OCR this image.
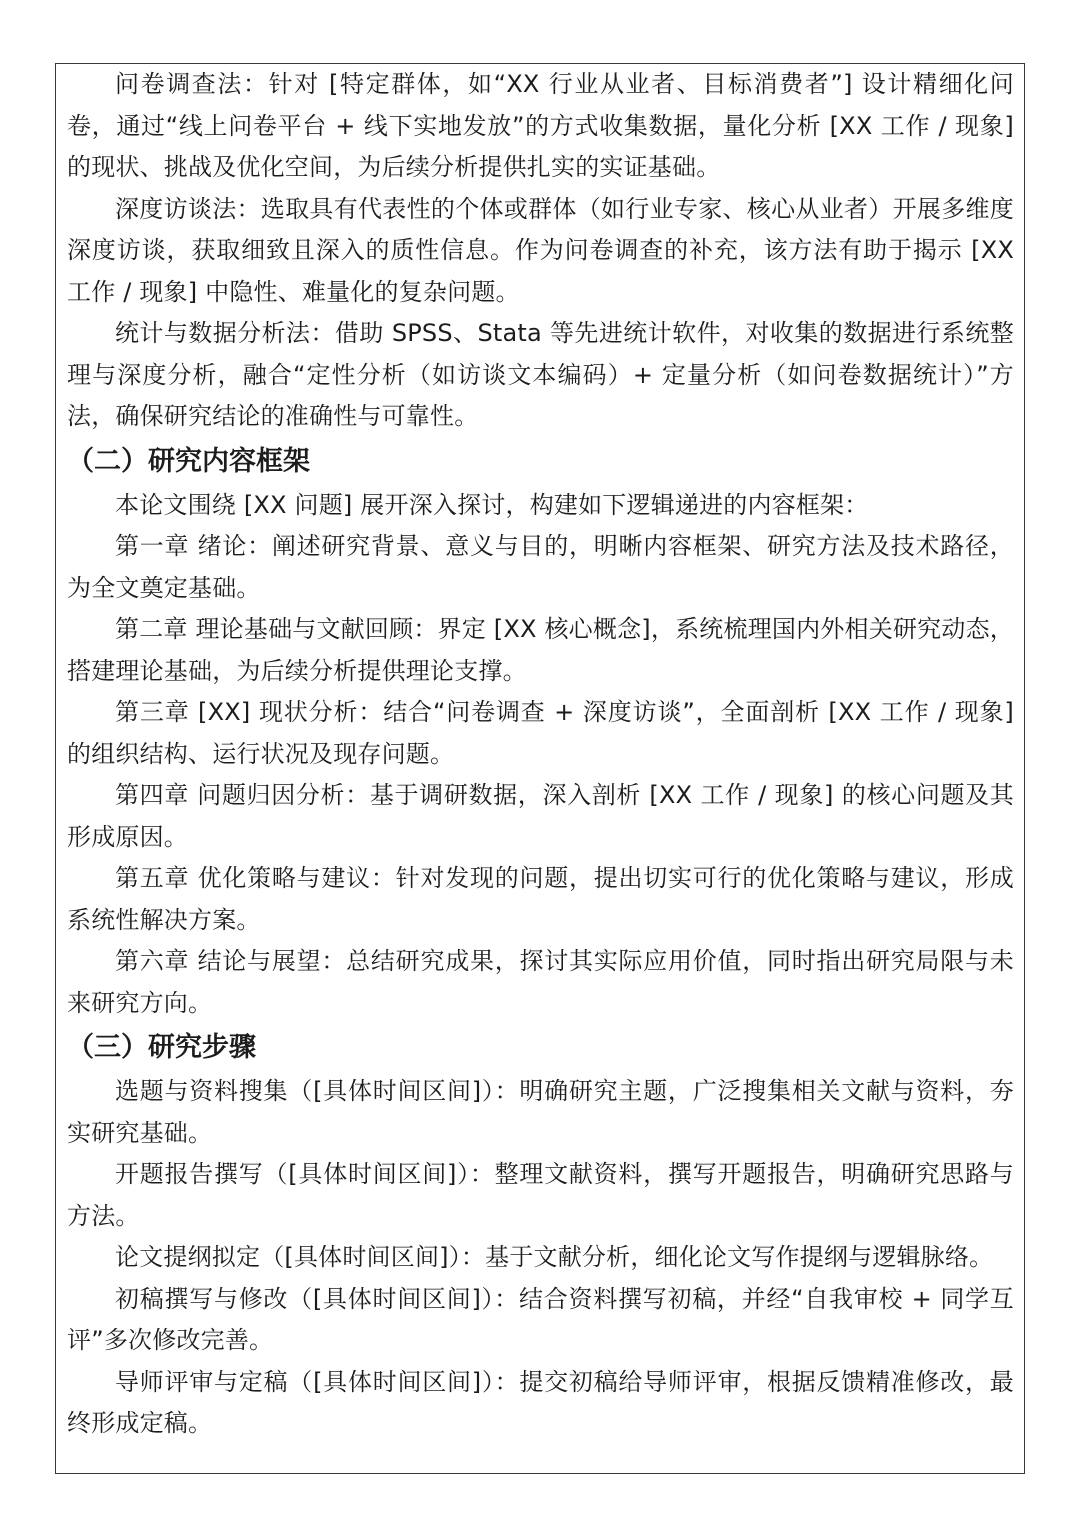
问卷调查法：针对 [特定群体，如“XX 行业从业者、目标消费者”] 设计精细化问卷，通过“线上问卷平台 + 线下实地发放”的方式收集数据，量化分析 [XX 工作 / 现象] 的现状、挑战及优化空间，为后续分析提供扎实的实证基础。

深度访谈法：选取具有代表性的个体或群体（如行业专家、核心从业者）开展多维度深度访谈，获取细致且深入的质性信息。作为问卷调查的补充，该方法有助于揭示 [XX 工作 / 现象] 中隐性、难量化的复杂问题。

统计与数据分析法：借助 SPSS、Stata 等先进统计软件，对收集的数据进行系统整理与深度分析，融合“定性分析（如访谈文本编码）+ 定量分析（如问卷数据统计）”方法，确保研究结论的准确性与可靠性。

（二）研究内容框架

本论文围绕 [XX 问题] 展开深入探讨，构建如下逻辑递进的内容框架：

第一章 绪论：阐述研究背景、意义与目的，明晰内容框架、研究方法及技术路径，为全文奠定基础。

第二章 理论基础与文献回顾：界定 [XX 核心概念]，系统梳理国内外相关研究动态，搭建理论基础，为后续分析提供理论支撑。

第三章 [XX] 现状分析：结合“问卷调查 + 深度访谈”，全面剖析 [XX 工作 / 现象] 的组织结构、运行状况及现存问题。

第四章 问题归因分析：基于调研数据，深入剖析 [XX 工作 / 现象] 的核心问题及其形成原因。

第五章 优化策略与建议：针对发现的问题，提出切实可行的优化策略与建议，形成系统性解决方案。

第六章 结论与展望：总结研究成果，探讨其实际应用价值，同时指出研究局限与未来研究方向。

（三）研究步骤

选题与资料搜集（[具体时间区间]）：明确研究主题，广泛搜集相关文献与资料，夯实研究基础。

开题报告撰写（[具体时间区间]）：整理文献资料，撰写开题报告，明确研究思路与方法。

论文提纲拟定（[具体时间区间]）：基于文献分析，细化论文写作提纲与逻辑脉络。

初稿撰写与修改（[具体时间区间]）：结合资料撰写初稿，并经“自我审校 + 同学互评”多次修改完善。

导师评审与定稿（[具体时间区间]）：提交初稿给导师评审，根据反馈精准修改，最终形成定稿。
